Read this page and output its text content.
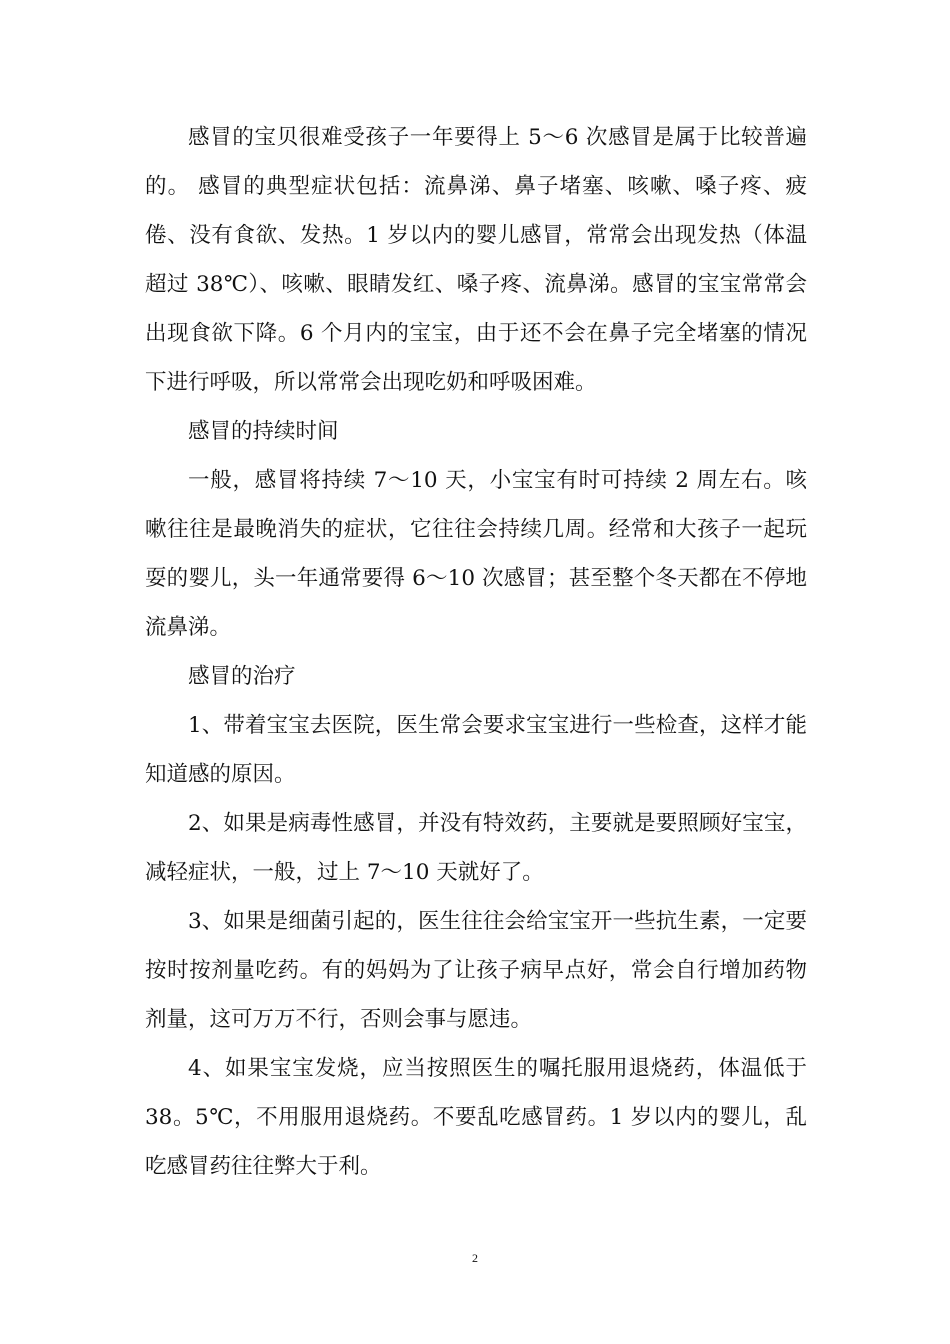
感冒的宝贝很难受孩子一年要得上 5～6 次感冒是属于比较普遍的。 感冒的典型症状包括：流鼻涕、鼻子堵塞、咳嗽、嗓子疼、疲倦、没有食欲、发热。1 岁以内的婴儿感冒，常常会出现发热（体温超过 38℃）、咳嗽、眼睛发红、嗓子疼、流鼻涕。感冒的宝宝常常会出现食欲下降。6 个月内的宝宝，由于还不会在鼻子完全堵塞的情况下进行呼吸，所以常常会出现吃奶和呼吸困难。

感冒的持续时间

一般，感冒将持续 7～10 天，小宝宝有时可持续 2 周左右。咳嗽往往是最晚消失的症状，它往往会持续几周。经常和大孩子一起玩耍的婴儿，头一年通常要得 6～10 次感冒；甚至整个冬天都在不停地流鼻涕。

感冒的治疗

1、带着宝宝去医院，医生常会要求宝宝进行一些检查，这样才能知道感的原因。

2、如果是病毒性感冒，并没有特效药，主要就是要照顾好宝宝，减轻症状，一般，过上 7～10 天就好了。

3、如果是细菌引起的，医生往往会给宝宝开一些抗生素，一定要按时按剂量吃药。有的妈妈为了让孩子病早点好，常会自行增加药物剂量，这可万万不行，否则会事与愿违。

4、如果宝宝发烧，应当按照医生的嘱托服用退烧药，体温低于38。5℃，不用服用退烧药。不要乱吃感冒药。1 岁以内的婴儿，乱吃感冒药往往弊大于利。

2
